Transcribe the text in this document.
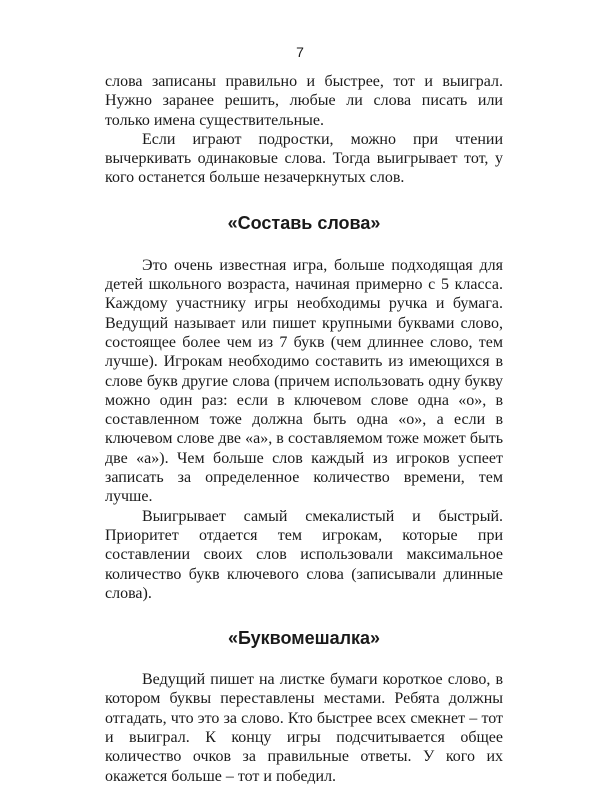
7

слова записаны правильно и быстрее, тот и выиграл. Нужно заранее решить, любые ли слова писать или только имена существительные.

Если играют подростки, можно при чтении вычеркивать одинаковые слова. Тогда выигрывает тот, у кого останется больше незачеркнутых слов.

«Составь слова»

Это очень известная игра, больше подходящая для детей школьного возраста, начиная примерно с 5 класса. Каждому участнику игры необходимы ручка и бумага. Ведущий называет или пишет крупными буквами слово, состоящее более чем из 7 букв (чем длиннее слово, тем лучше). Игрокам необходимо составить из имеющихся в слове букв другие слова (причем использовать одну букву можно один раз: если в ключевом слове одна «о», в составленном тоже должна быть одна «о», а если в ключевом слове две «а», в составляемом тоже может быть две «а»). Чем больше слов каждый из игроков успеет записать за определенное количество времени, тем лучше.

Выигрывает самый смекалистый и быстрый. Приоритет отдается тем игрокам, которые при составлении своих слов использовали максимальное количество букв ключевого слова (записывали длинные слова).

«Буквомешалка»

Ведущий пишет на листке бумаги короткое слово, в котором буквы переставлены местами. Ребята должны отгадать, что это за слово. Кто быстрее всех смекнет – тот и выиграл. К концу игры подсчитывается общее количество очков за правильные ответы. У кого их окажется больше – тот и победил.
